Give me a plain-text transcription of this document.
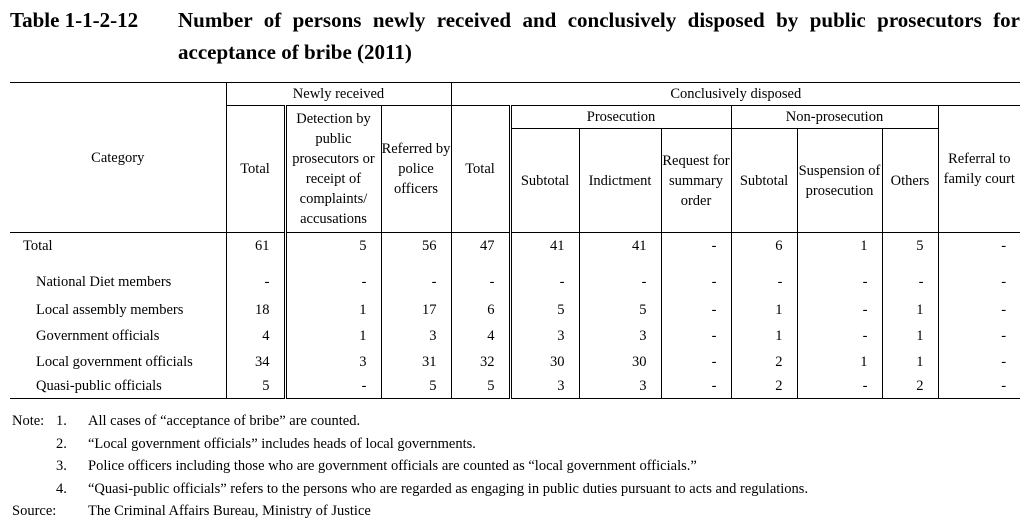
Table 1-1-2-12 Number of persons newly received and conclusively disposed by public prosecutors for acceptance of bribe (2011)
Category	Newly received			Conclusively disposed							
	Total	Detection by public prosecutors or receipt of complaints/ accusations	Referred by police officers	Total	Prosecution			Non-prosecution			Referral to family court
					Subtotal	Indictment	Request for summary order	Subtotal	Suspension of prosecution	Others	
Total	61	5	56	47	41	41	-	6	1	5	-
National Diet members	-	-	-	-	-	-	-	-	-	-	-
Local assembly members	18	1	17	6	5	5	-	1	-	1	-
Government officials	4	1	3	4	3	3	-	1	-	1	-
Local government officials	34	3	31	32	30	30	-	2	1	1	-
Quasi-public officials	5	-	5	5	3	3	-	2	-	2	-
Note: 1. All cases of “acceptance of bribe” are counted.
2. “Local government officials” includes heads of local governments.
3. Police officers including those who are government officials are counted as “local government officials.”
4. “Quasi-public officials” refers to the persons who are regarded as engaging in public duties pursuant to acts and regulations.
Source: The Criminal Affairs Bureau, Ministry of Justice
